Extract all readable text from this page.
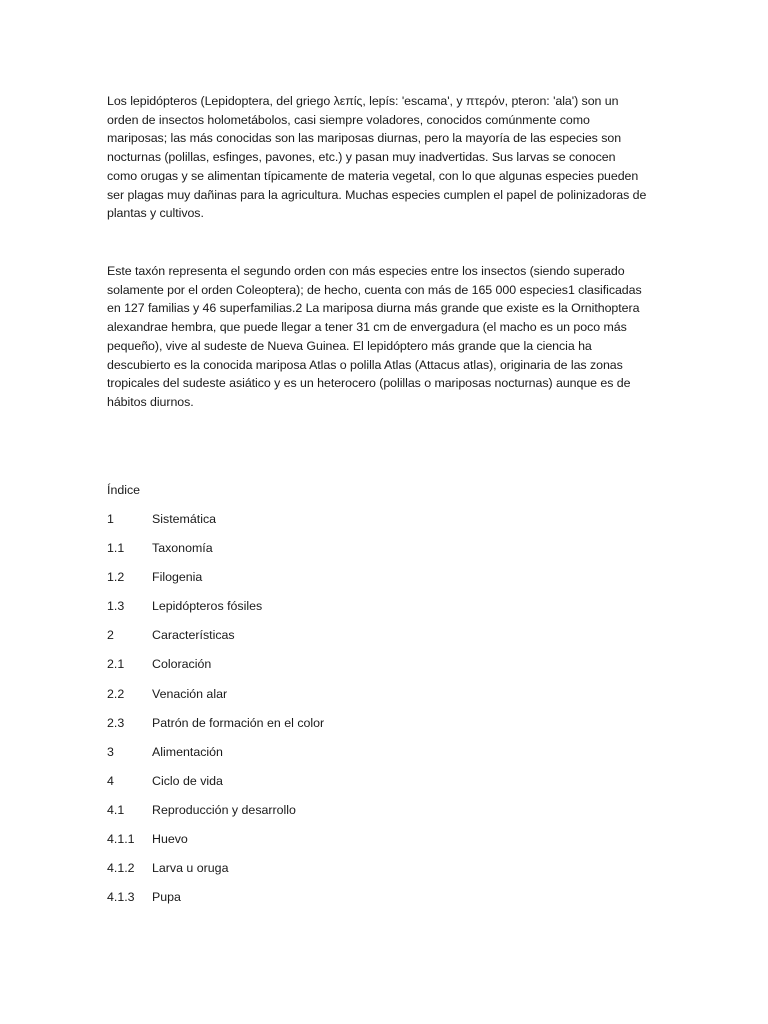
Los lepidópteros (Lepidoptera, del griego λεπίς, lepís: 'escama', y πτερόν, pteron: 'ala') son un orden de insectos holometábolos, casi siempre voladores, conocidos comúnmente como mariposas; las más conocidas son las mariposas diurnas, pero la mayoría de las especies son nocturnas (polillas, esfinges, pavones, etc.) y pasan muy inadvertidas. Sus larvas se conocen como orugas y se alimentan típicamente de materia vegetal, con lo que algunas especies pueden ser plagas muy dañinas para la agricultura. Muchas especies cumplen el papel de polinizadoras de plantas y cultivos.

Este taxón representa el segundo orden con más especies entre los insectos (siendo superado solamente por el orden Coleoptera); de hecho, cuenta con más de 165 000 especies1 clasificadas en 127 familias y 46 superfamilias.2 La mariposa diurna más grande que existe es la Ornithoptera alexandrae hembra, que puede llegar a tener 31 cm de envergadura (el macho es un poco más pequeño), vive al sudeste de Nueva Guinea. El lepidóptero más grande que la ciencia ha descubierto es la conocida mariposa Atlas o polilla Atlas (Attacus atlas), originaria de las zonas tropicales del sudeste asiático y es un heterocero (polillas o mariposas nocturnas) aunque es de hábitos diurnos.

Índice
1	Sistemática
1.1 Taxonomía
1.2 Filogenia
1.3 Lepidópteros fósiles
2	Características
2.1 Coloración
2.2 Venación alar
2.3 Patrón de formación en el color
3	Alimentación
4	Ciclo de vida
4.1 Reproducción y desarrollo
4.1.1 Huevo
4.1.2 Larva u oruga
4.1.3 Pupa
